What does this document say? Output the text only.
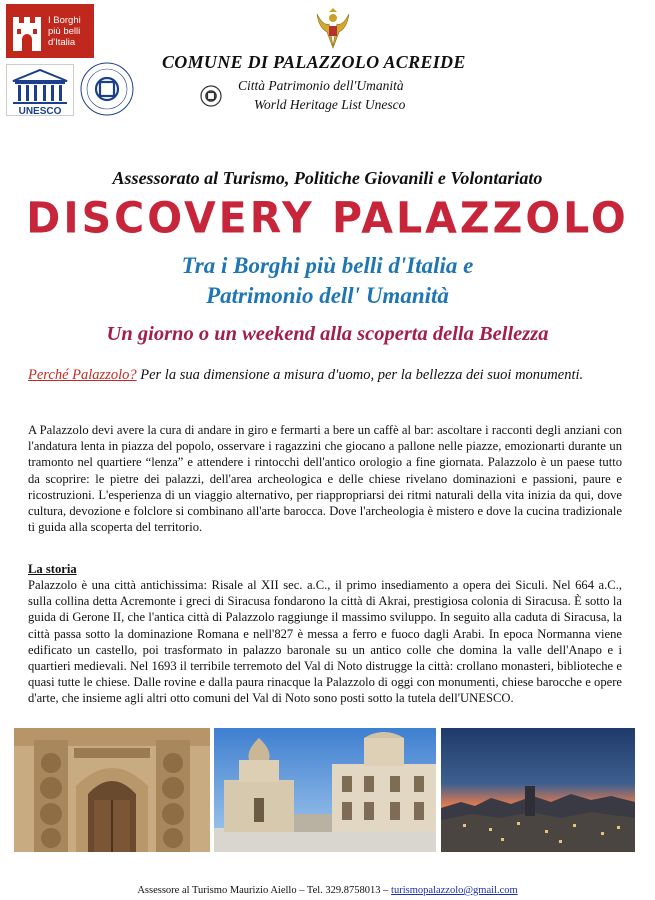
I Borghi
più belli
d'Italia
UNESCO
COMUNE DI PALAZZOLO ACREIDE
Città Patrimonio dell'Umanità
World Heritage List Unesco
Assessorato al Turismo, Politiche Giovanili e Volontariato
DISCOVERY PALAZZOLO
Tra i Borghi più belli d'Italia e
Patrimonio dell' Umanità
Un giorno o un weekend alla scoperta della Bellezza
Perché Palazzolo? Per la sua dimensione a misura d'uomo, per la bellezza dei suoi monumenti.
A Palazzolo devi avere la cura di andare in giro e fermarti a bere un caffè al bar: ascoltare i racconti degli anziani con l'andatura lenta in piazza del popolo, osservare i ragazzini che giocano a pallone nelle piazze, emozionarti durante un tramonto nel quartiere “lenza” e attendere i rintocchi dell'antico orologio a fine giornata. Palazzolo è un paese tutto da scoprire: le pietre dei palazzi, dell'area archeologica e delle chiese rivelano dominazioni e passioni, paure e ricostruzioni. L'esperienza di un viaggio alternativo, per riappropriarsi dei ritmi naturali della vita inizia da qui, dove cultura, devozione e folclore si combinano all'arte barocca. Dove l'archeologia è mistero e dove la cucina tradizionale ti guida alla scoperta del territorio.
La storia
Palazzolo è una città antichissima: Risale al XII sec. a.C., il primo insediamento a opera dei Siculi. Nel 664 a.C., sulla collina detta Acremonte i greci di Siracusa fondarono la città di Akrai, prestigiosa colonia di Siracusa. È sotto la guida di Gerone II, che l'antica città di Palazzolo raggiunge il massimo sviluppo. In seguito alla caduta di Siracusa, la città passa sotto la dominazione Romana e nell'827 è messa a ferro e fuoco dagli Arabi. In epoca Normanna viene edificato un castello, poi trasformato in palazzo baronale su un antico colle che domina la valle dell'Anapo e i quartieri medievali. Nel 1693 il terribile terremoto del Val di Noto distrugge la città: crollano monasteri, biblioteche e quasi tutte le chiese. Dalle rovine e dalla paura rinacque la Palazzolo di oggi con monumenti, chiese barocche e opere d'arte, che insieme agli altri otto comuni del Val di Noto sono posti sotto la tutela dell'UNESCO.
Assessore al Turismo Maurizio Aiello – Tel. 329.8758013 – turismopalazzolo@gmail.com
